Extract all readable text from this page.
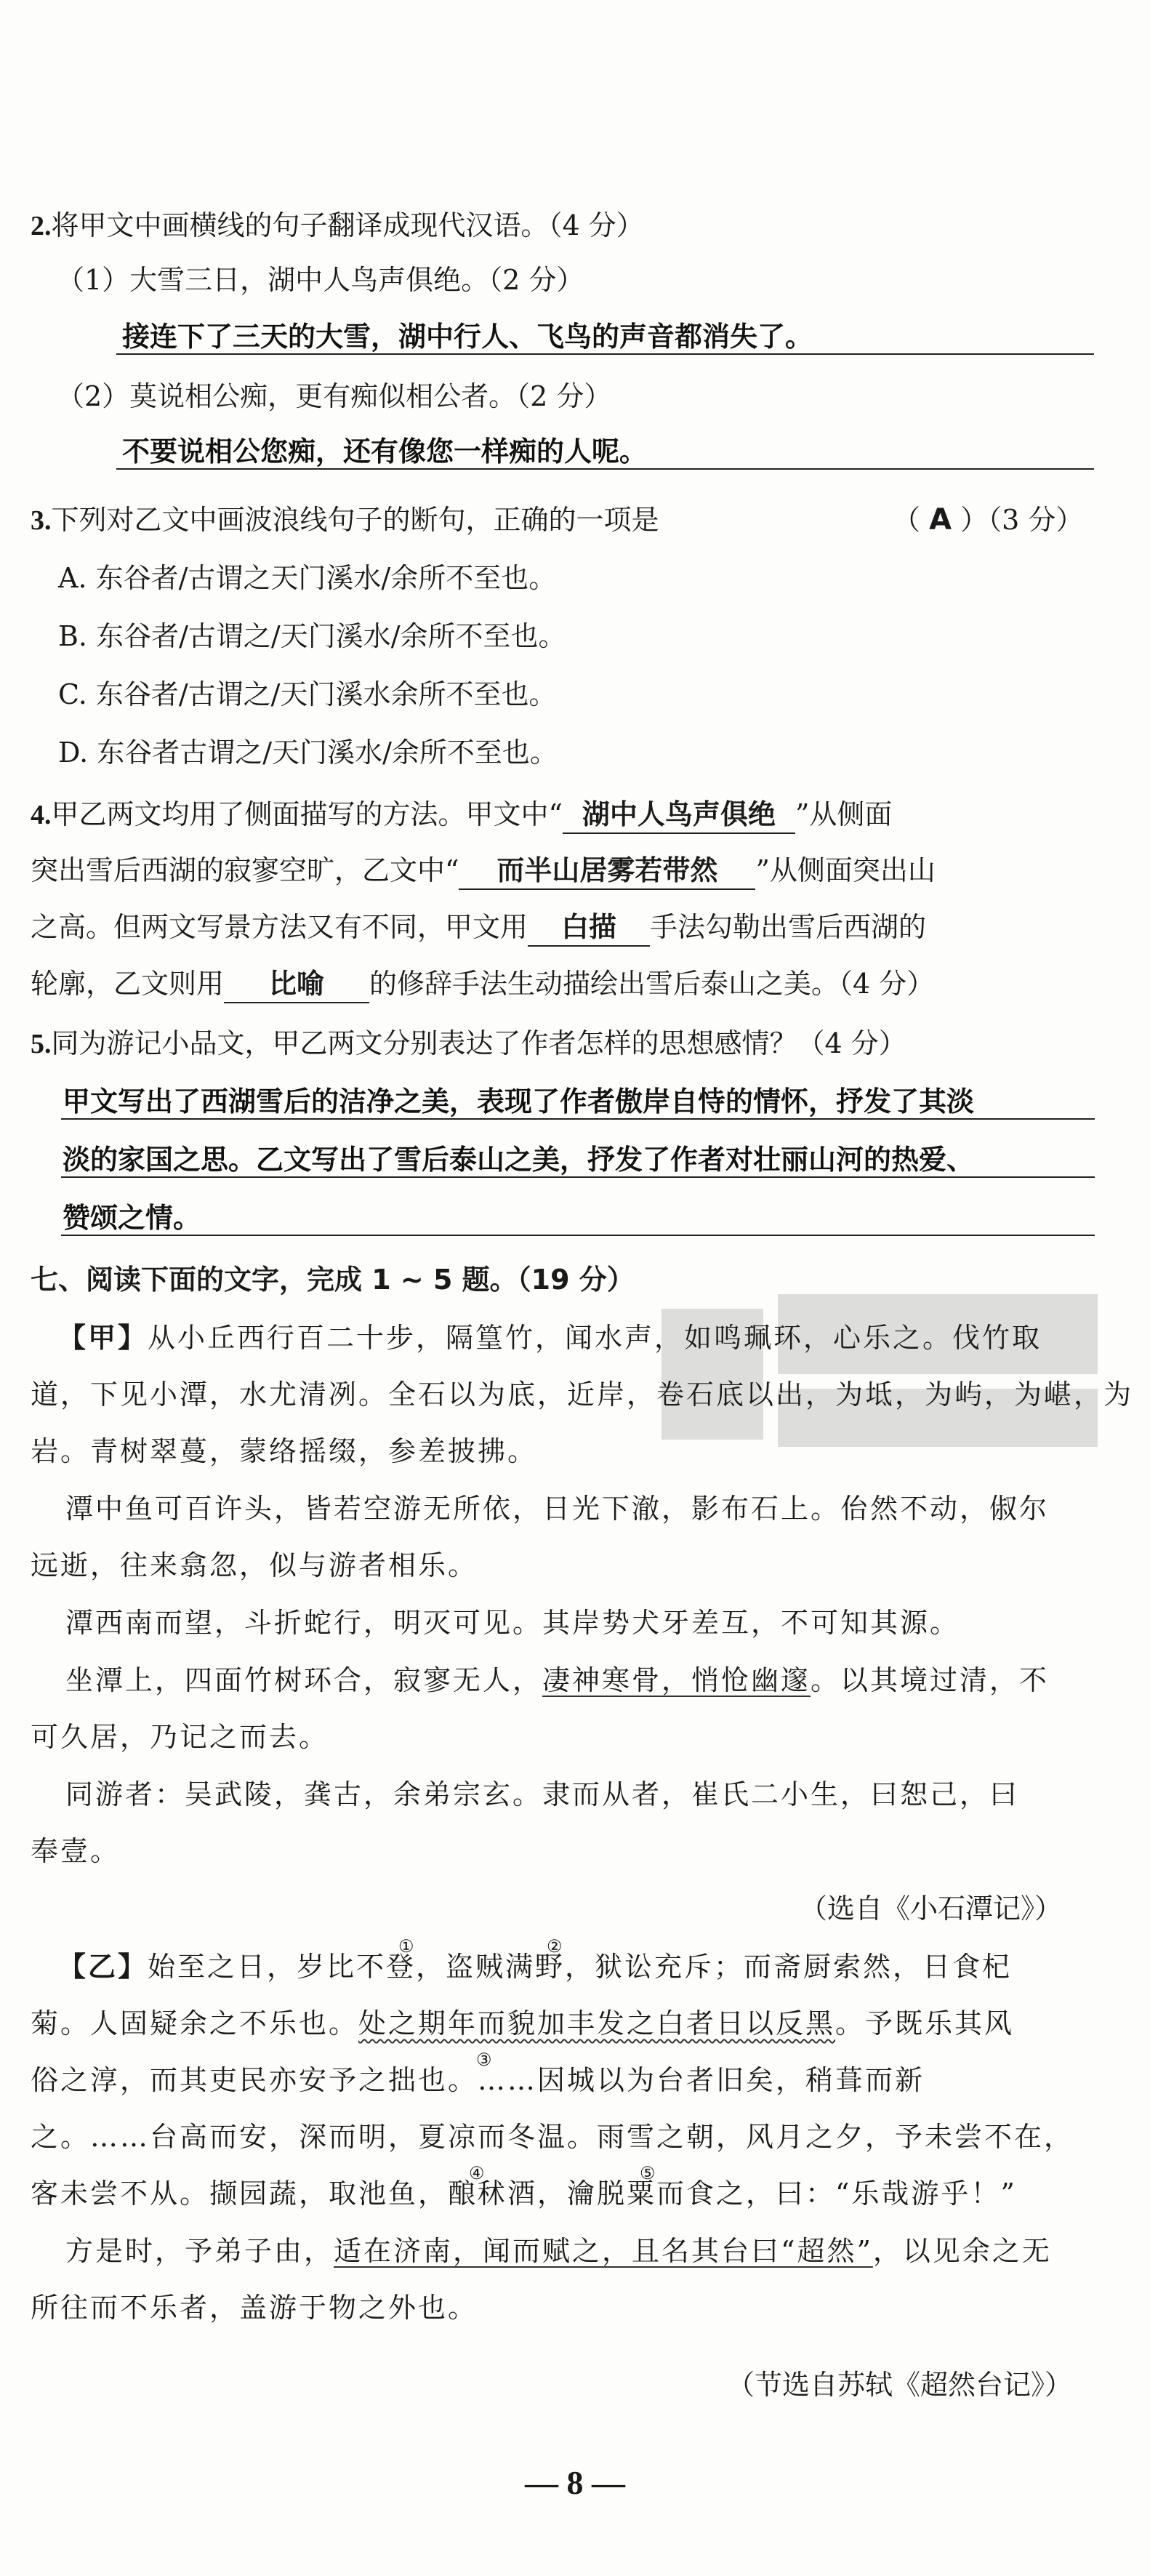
2.将甲文中画横线的句子翻译成现代汉语。（4 分）
（1）大雪三日，湖中人鸟声俱绝。（2 分）
接连下了三天的大雪，湖中行人、飞鸟的声音都消失了。
（2）莫说相公痴，更有痴似相公者。（2 分）
不要说相公您痴，还有像您一样痴的人呢。
3.下列对乙文中画波浪线句子的断句，正确的一项是	（ A ）（3 分）
A. 东谷者/古谓之天门溪水/余所不至也。
B. 东谷者/古谓之/天门溪水/余所不至也。
C. 东谷者/古谓之/天门溪水余所不至也。
D. 东谷者古谓之/天门溪水/余所不至也。
4.甲乙两文均用了侧面描写的方法。甲文中“ 湖中人鸟声俱绝 ”从侧面
突出雪后西湖的寂寥空旷，乙文中“ 而半山居雾若带然 ”从侧面突出山
之高。但两文写景方法又有不同，甲文用 白描 手法勾勒出雪后西湖的
轮廓，乙文则用 比喻 的修辞手法生动描绘出雪后泰山之美。（4 分）
5.同为游记小品文，甲乙两文分别表达了作者怎样的思想感情？（4 分）
甲文写出了西湖雪后的洁净之美，表现了作者傲岸自恃的情怀，抒发了其淡
淡的家国之思。乙文写出了雪后泰山之美，抒发了作者对壮丽山河的热爱、
赞颂之情。
七、阅读下面的文字，完成 1 ~ 5 题。（19 分）
【甲】从小丘西行百二十步，隔篁竹，闻水声，如鸣珮环，心乐之。伐竹取
道，下见小潭，水尤清冽。全石以为底，近岸，卷石底以出，为坻，为屿，为嵁，为
岩。青树翠蔓，蒙络摇缀，参差披拂。
潭中鱼可百许头，皆若空游无所依，日光下澈，影布石上。佁然不动，俶尔
远逝，往来翕忽，似与游者相乐。
潭西南而望，斗折蛇行，明灭可见。其岸势犬牙差互，不可知其源。
坐潭上，四面竹树环合，寂寥无人，凄神寒骨，悄怆幽邃。以其境过清，不
可久居，乃记之而去。
同游者：吴武陵，龚古，余弟宗玄。隶而从者，崔氏二小生，曰恕己，曰
奉壹。
（选自《小石潭记》）
【乙】始至之日，岁比不登，盗贼满野，狱讼充斥；而斋厨索然，日食杞
菊。人固疑余之不乐也。处之期年而貌加丰发之白者日以反黑。予既乐其风
俗之淳，而其吏民亦安予之拙也。……因城以为台者旧矣，稍葺而新
之。……台高而安，深而明，夏凉而冬温。雨雪之朝，风月之夕，予未尝不在，
客未尝不从。撷园蔬，取池鱼，酿秫酒，瀹脱粟而食之，曰：“乐哉游乎！”
方是时，予弟子由，适在济南，闻而赋之，且名其台曰“超然”，以见余之无
所往而不乐者，盖游于物之外也。
（节选自苏轼《超然台记》）
①	②
③
④	⑤
— 8 —
